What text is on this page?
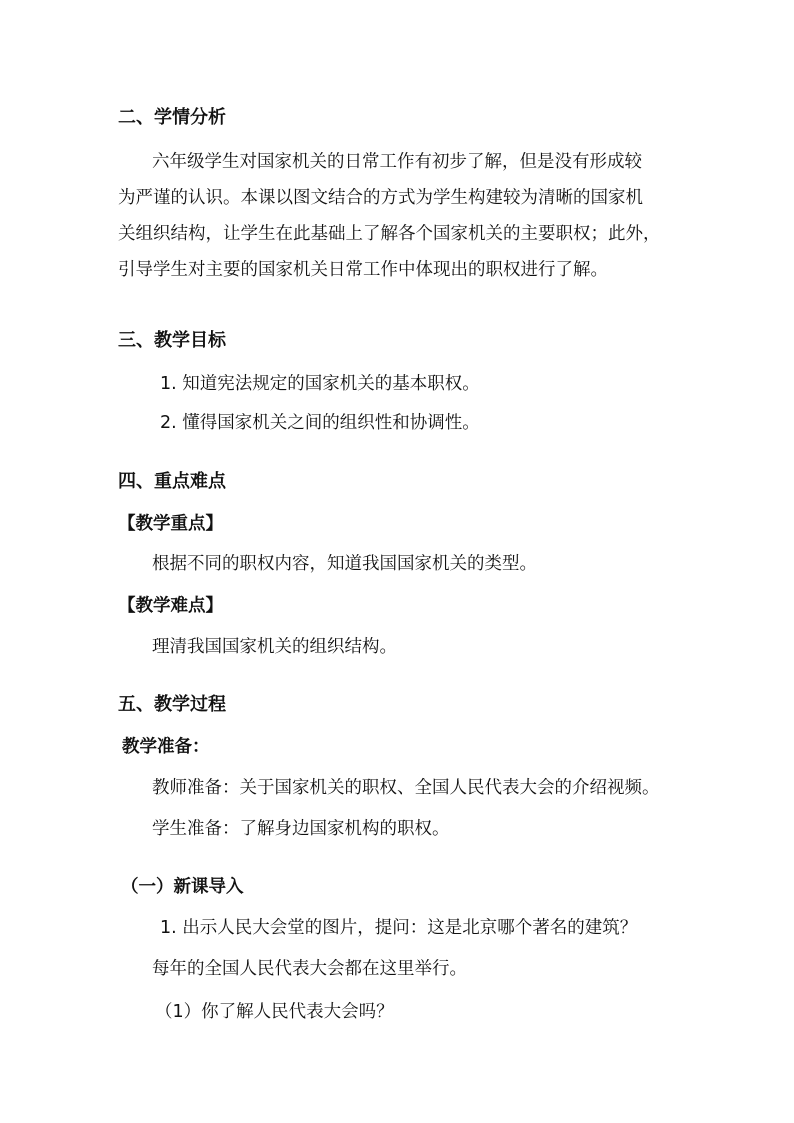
二、学情分析
六年级学生对国家机关的日常工作有初步了解，但是没有形成较
为严谨的认识。本课以图文结合的方式为学生构建较为清晰的国家机
关组织结构，让学生在此基础上了解各个国家机关的主要职权；此外，
引导学生对主要的国家机关日常工作中体现出的职权进行了解。
三、教学目标
1. 知道宪法规定的国家机关的基本职权。
2. 懂得国家机关之间的组织性和协调性。
四、重点难点
【教学重点】
根据不同的职权内容，知道我国国家机关的类型。
【教学难点】
理清我国国家机关的组织结构。
五、教学过程
教学准备：
教师准备：关于国家机关的职权、全国人民代表大会的介绍视频。
学生准备：了解身边国家机构的职权。
（一）新课导入
1. 出示人民大会堂的图片，提问：这是北京哪个著名的建筑？
每年的全国人民代表大会都在这里举行。
（1）你了解人民代表大会吗？
